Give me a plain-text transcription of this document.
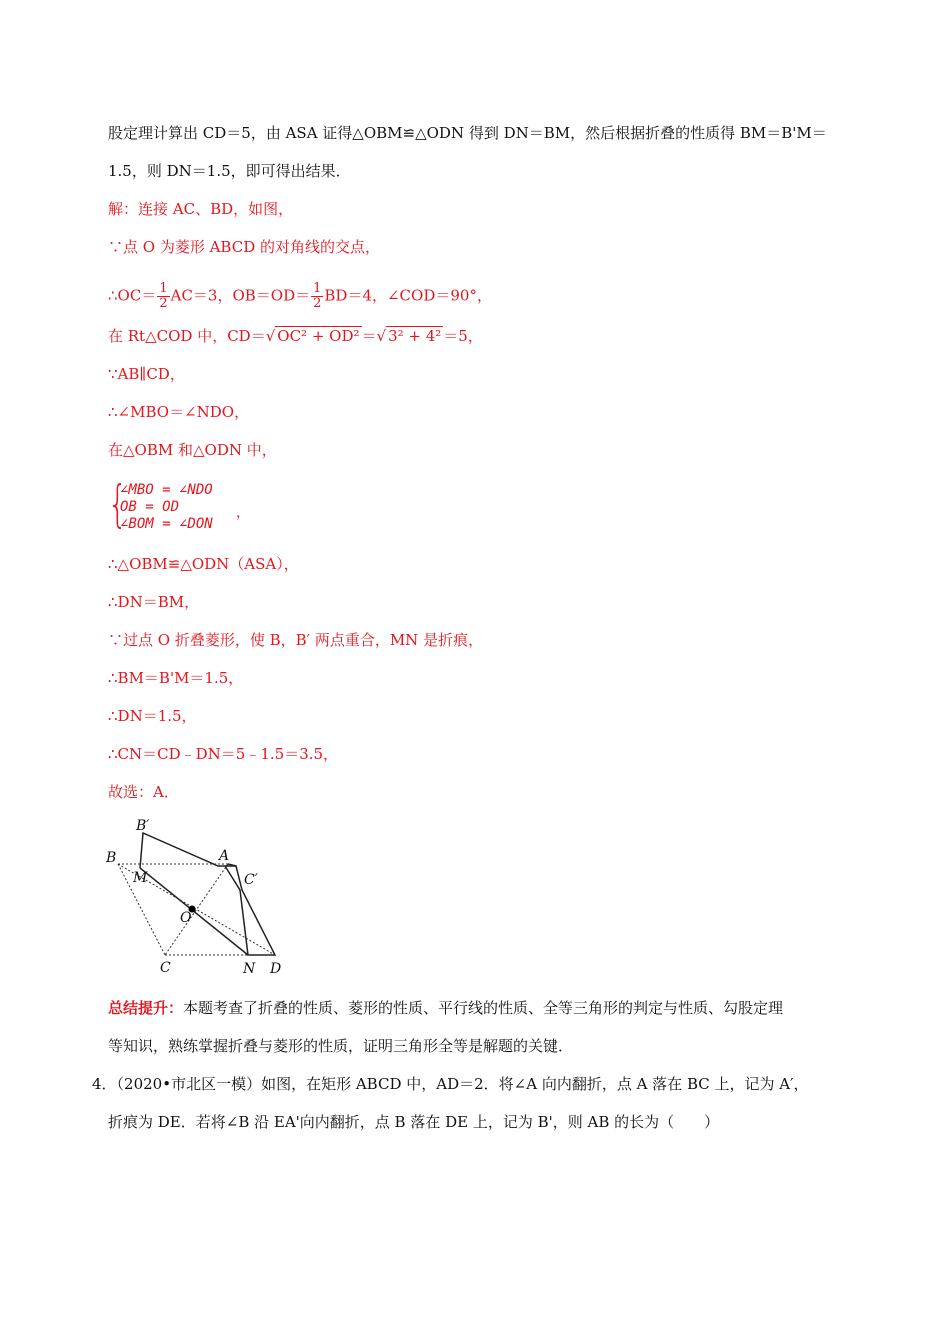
股定理计算出 CD＝5，由 ASA 证得△OBM≌△ODN 得到 DN＝BM，然后根据折叠的性质得 BM＝B'M＝
1.5，则 DN＝1.5，即可得出结果．
解：连接 AC、BD，如图，
∵点 O 为菱形 ABCD 的对角线的交点，
∴OC＝ $\frac{1}{2} AC=3$，$OB=OD= \frac{1}{2} BD=4$，∠COD＝90°，
在 Rt△COD 中，CD＝√ OC² + OD² ＝√ 3² + 4² ＝5，
∵AB∥CD，
∴∠MBO＝∠NDO，
在△OBM 和△ODN 中，
{
∠MBO = ∠NDO
OB = OD
∠BOM = ∠DON
，
∴△OBM≌△ODN（ASA），
∴DN＝BM，
∵过点 O 折叠菱形，使 B，B′ 两点重合，MN 是折痕，
∴BM＝B'M＝1.5，
∴DN＝1.5，
∴CN＝CD﹣DN＝5﹣1.5＝3.5，
故选：A．
B
B′
A
C′
M
O
C	N D
总结提升：本题考查了折叠的性质、菱形的性质、平行线的性质、全等三角形的判定与性质、勾股定理
等知识，熟练掌握折叠与菱形的性质，证明三角形全等是解题的关键．
4．（2020•市北区一模）如图，在矩形 ABCD 中，AD＝2．将∠A 向内翻折，点 A 落在 BC 上，记为 A′，
折痕为 DE．若将∠B 沿 EA'向内翻折，点 B 落在 DE 上，记为 B'，则 AB 的长为（　　）
